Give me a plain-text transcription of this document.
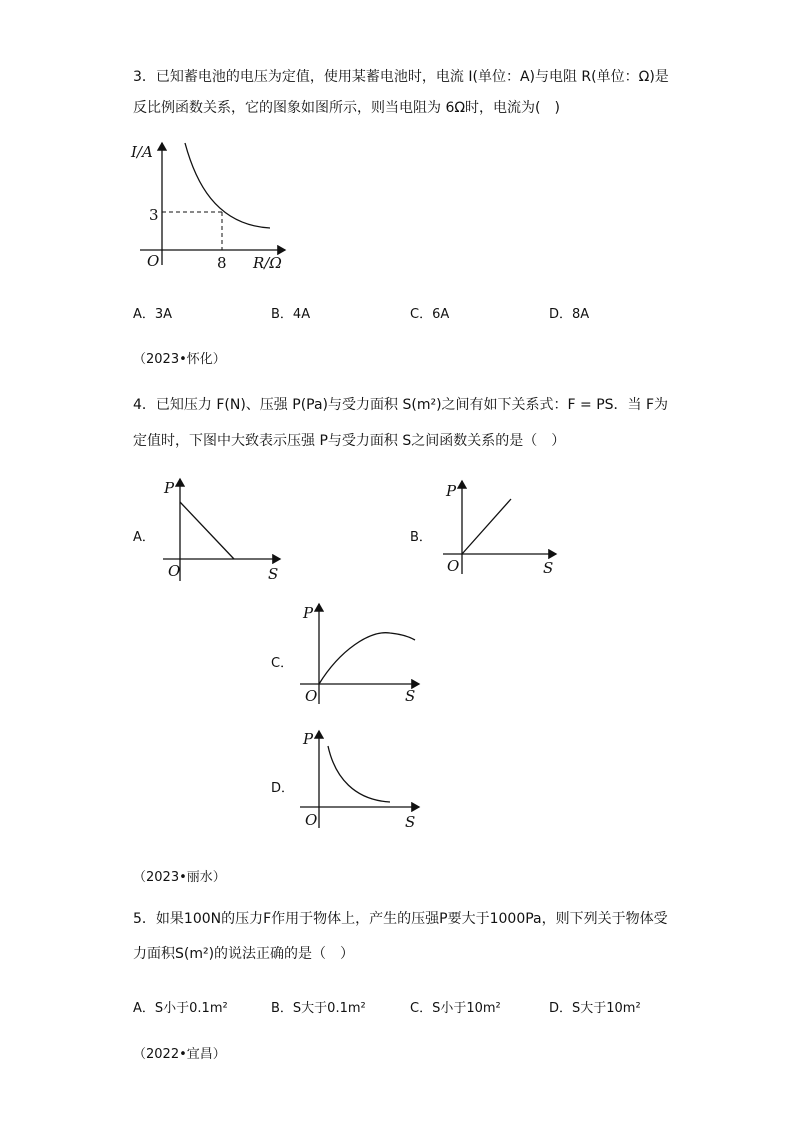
3．已知蓄电池的电压为定值，使用某蓄电池时，电流 I(单位：A)与电阻 R(单位：Ω)是
反比例函数关系，它的图象如图所示，则当电阻为 6Ω时，电流为(　)
I/A
O	8
3
R/Ω
A．3A	B．4A	C．6A	D．8A
（2023•怀化）
4．已知压力 F(N)、压强 P(Pa)与受力面积 S(m²)之间有如下关系式：F = PS．当 F为
定值时，下图中大致表示压强 P与受力面积 S之间函数关系的是（　）
A．
P
O	S
B．
P
O	S
C．
P
O	S
D．
P
O	S
（2023•丽水）
5．如果100N的压力F作用于物体上，产生的压强P要大于1000Pa，则下列关于物体受
力面积S(m²)的说法正确的是（　）
A．S小于0.1m²	B．S大于0.1m²	C．S小于10m²	D．S大于10m²
（2022•宜昌）
